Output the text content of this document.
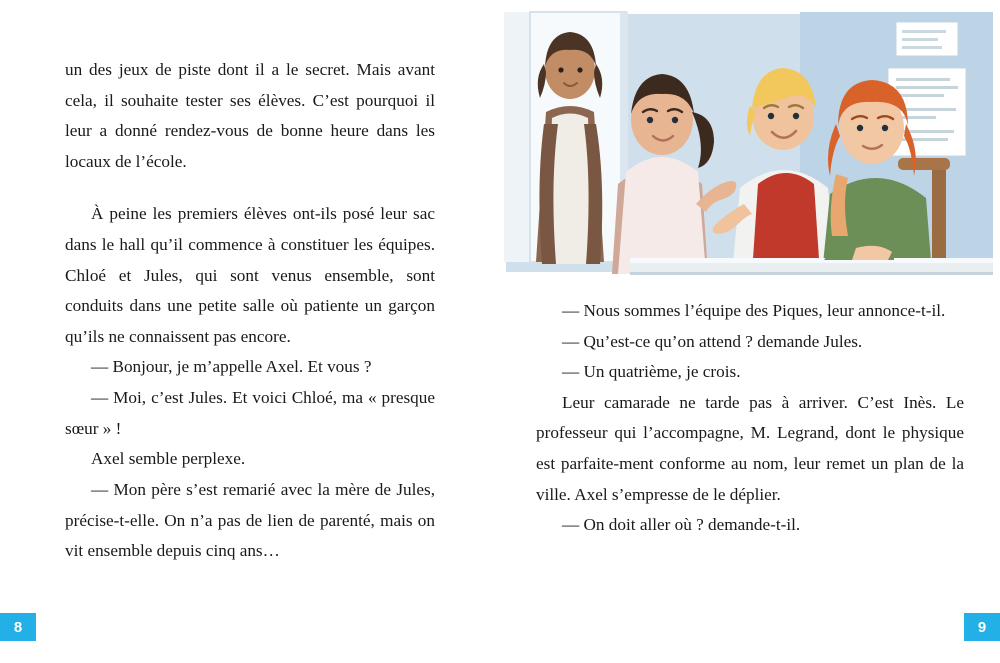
un des jeux de piste dont il a le secret. Mais avant cela, il souhaite tester ses élèves. C’est pourquoi il leur a donné rendez-vous de bonne heure dans les locaux de l’école.

À peine les premiers élèves ont-ils posé leur sac dans le hall qu’il commence à constituer les équipes. Chloé et Jules, qui sont venus ensemble, sont conduits dans une petite salle où patiente un garçon qu’ils ne connaissent pas encore.

— Bonjour, je m’appelle Axel. Et vous ?

— Moi, c’est Jules. Et voici Chloé, ma « presque sœur » !

Axel semble perplexe.

— Mon père s’est remarié avec la mère de Jules, précise-t-elle. On n’a pas de lien de parenté, mais on vit ensemble depuis cinq ans…

8

— Nous sommes l’équipe des Piques, leur annonce-t-il.

— Qu’est-ce qu’on attend ? demande Jules.

— Un quatrième, je crois.

Leur camarade ne tarde pas à arriver. C’est Inès. Le professeur qui l’accompagne, M. Legrand, dont le physique est parfaite-ment conforme au nom, leur remet un plan de la ville. Axel s’empresse de le déplier.

— On doit aller où ? demande-t-il.

9
